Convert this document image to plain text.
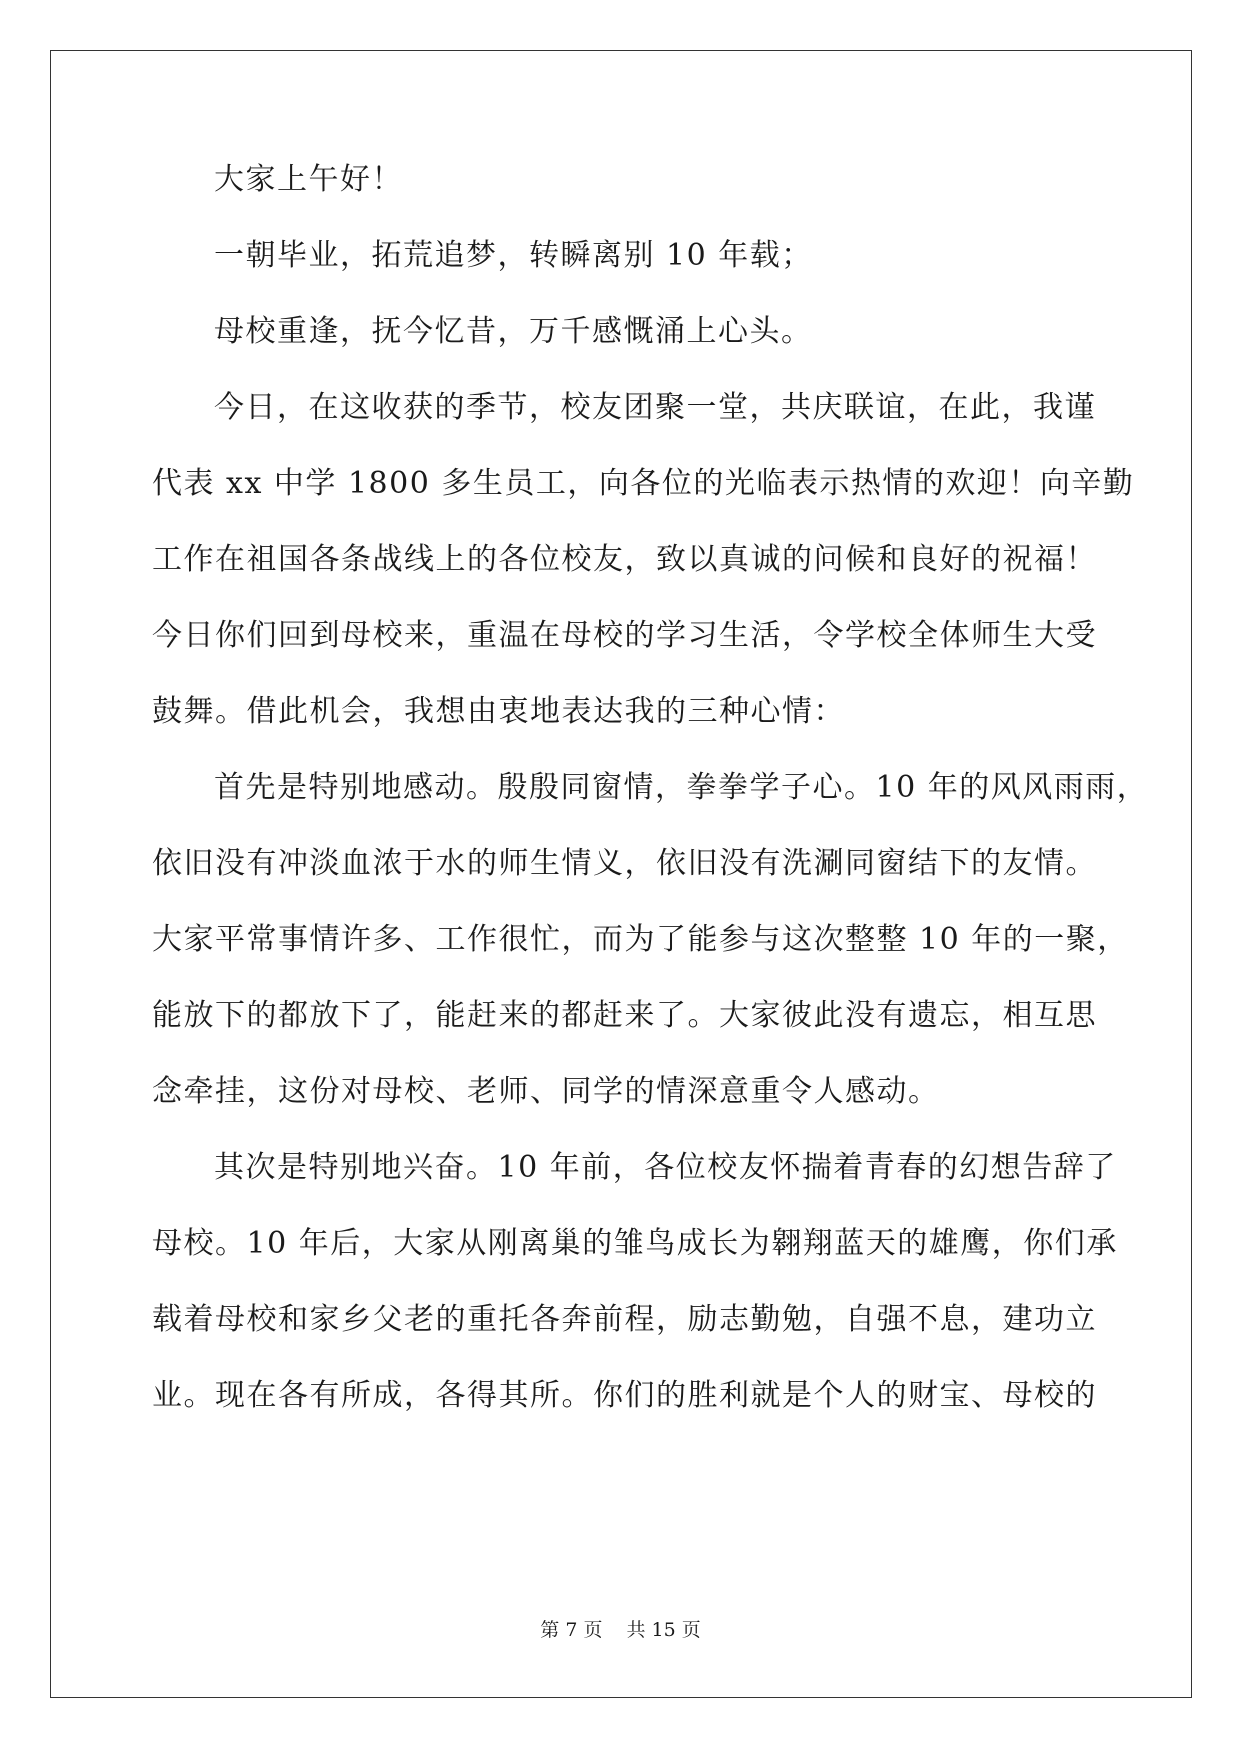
大家上午好！
一朝毕业，拓荒追梦，转瞬离别 10 年载；
母校重逢，抚今忆昔，万千感慨涌上心头。
今日，在这收获的季节，校友团聚一堂，共庆联谊，在此，我谨
代表 xx 中学 1800 多生员工，向各位的光临表示热情的欢迎！向辛勤
工作在祖国各条战线上的各位校友，致以真诚的问候和良好的祝福！
今日你们回到母校来，重温在母校的学习生活，令学校全体师生大受
鼓舞。借此机会，我想由衷地表达我的三种心情：
首先是特别地感动。殷殷同窗情，拳拳学子心。10 年的风风雨雨，
依旧没有冲淡血浓于水的师生情义，依旧没有洗涮同窗结下的友情。
大家平常事情许多、工作很忙，而为了能参与这次整整 10 年的一聚，
能放下的都放下了，能赶来的都赶来了。大家彼此没有遗忘，相互思
念牵挂，这份对母校、老师、同学的情深意重令人感动。
其次是特别地兴奋。10 年前，各位校友怀揣着青春的幻想告辞了
母校。10 年后，大家从刚离巢的雏鸟成长为翱翔蓝天的雄鹰，你们承
载着母校和家乡父老的重托各奔前程，励志勤勉，自强不息，建功立
业。现在各有所成，各得其所。你们的胜利就是个人的财宝、母校的
第 7 页 共 15 页
